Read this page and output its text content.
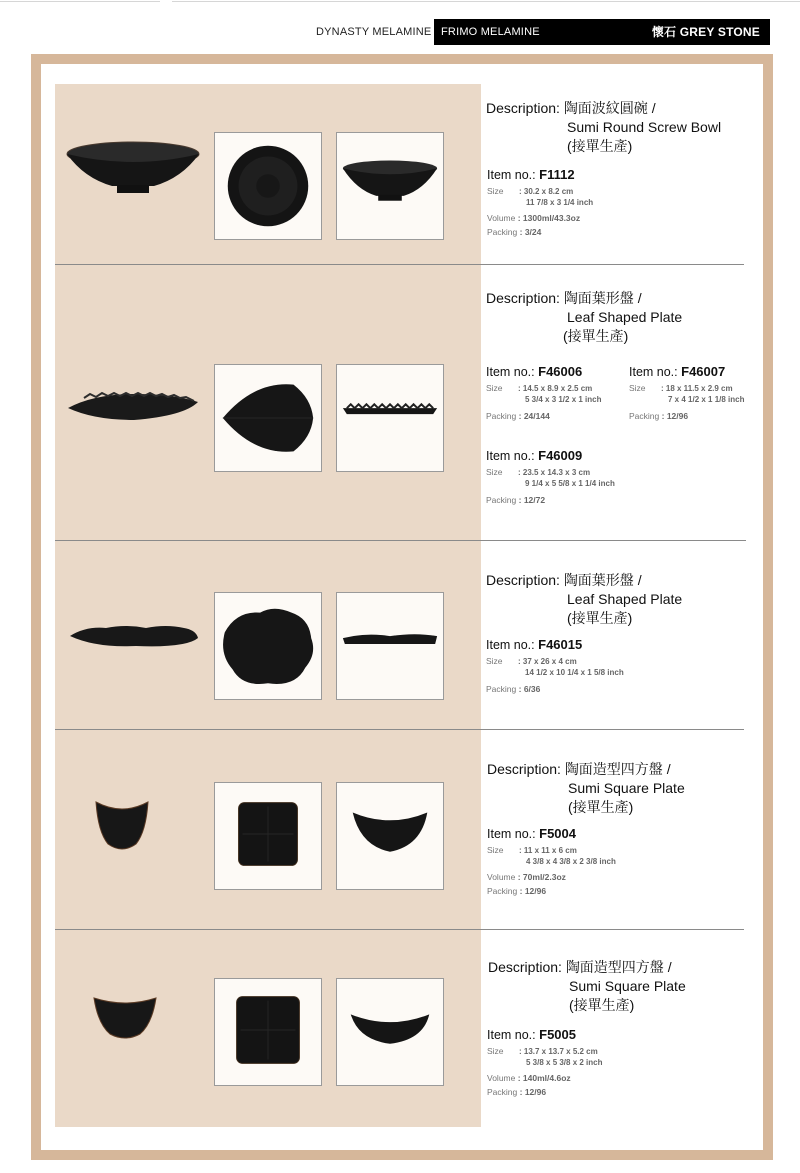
DYNASTY MELAMINE FRIMO MELAMINE	懷石 GREY STONE
Description: 陶面波紋圓碗 /
Sumi Round Screw Bowl
(接單生產)
Item no.: F1112
Size : 30.2 x 8.2 cm
11 7/8 x 3 1/4 inch
Volume : 1300ml/43.3oz
Packing : 3/24
Description: 陶面葉形盤 /
Leaf Shaped Plate
(接單生產)
Item no.: F46006
Size : 14.5 x 8.9 x 2.5 cm
5 3/4 x 3 1/2 x 1 inch
Packing : 24/144
Item no.: F46007
Size : 18 x 11.5 x 2.9 cm
7 x 4 1/2 x 1 1/8 inch
Packing : 12/96
Item no.: F46009
Size : 23.5 x 14.3 x 3 cm
9 1/4 x 5 5/8 x 1 1/4 inch
Packing : 12/72
Description: 陶面葉形盤 /
Leaf Shaped Plate
(接單生產)
Item no.: F46015
Size : 37 x 26 x 4 cm
14 1/2 x 10 1/4 x 1 5/8 inch
Packing : 6/36
Description: 陶面造型四方盤 /
Sumi Square Plate
(接單生產)
Item no.: F5004
Size : 11 x 11 x 6 cm
4 3/8 x 4 3/8 x 2 3/8 inch
Volume : 70ml/2.3oz
Packing : 12/96
Description: 陶面造型四方盤 /
Sumi Square Plate
(接單生產)
Item no.: F5005
Size : 13.7 x 13.7 x 5.2 cm
5 3/8 x 5 3/8 x 2 inch
Volume : 140ml/4.6oz
Packing : 12/96
